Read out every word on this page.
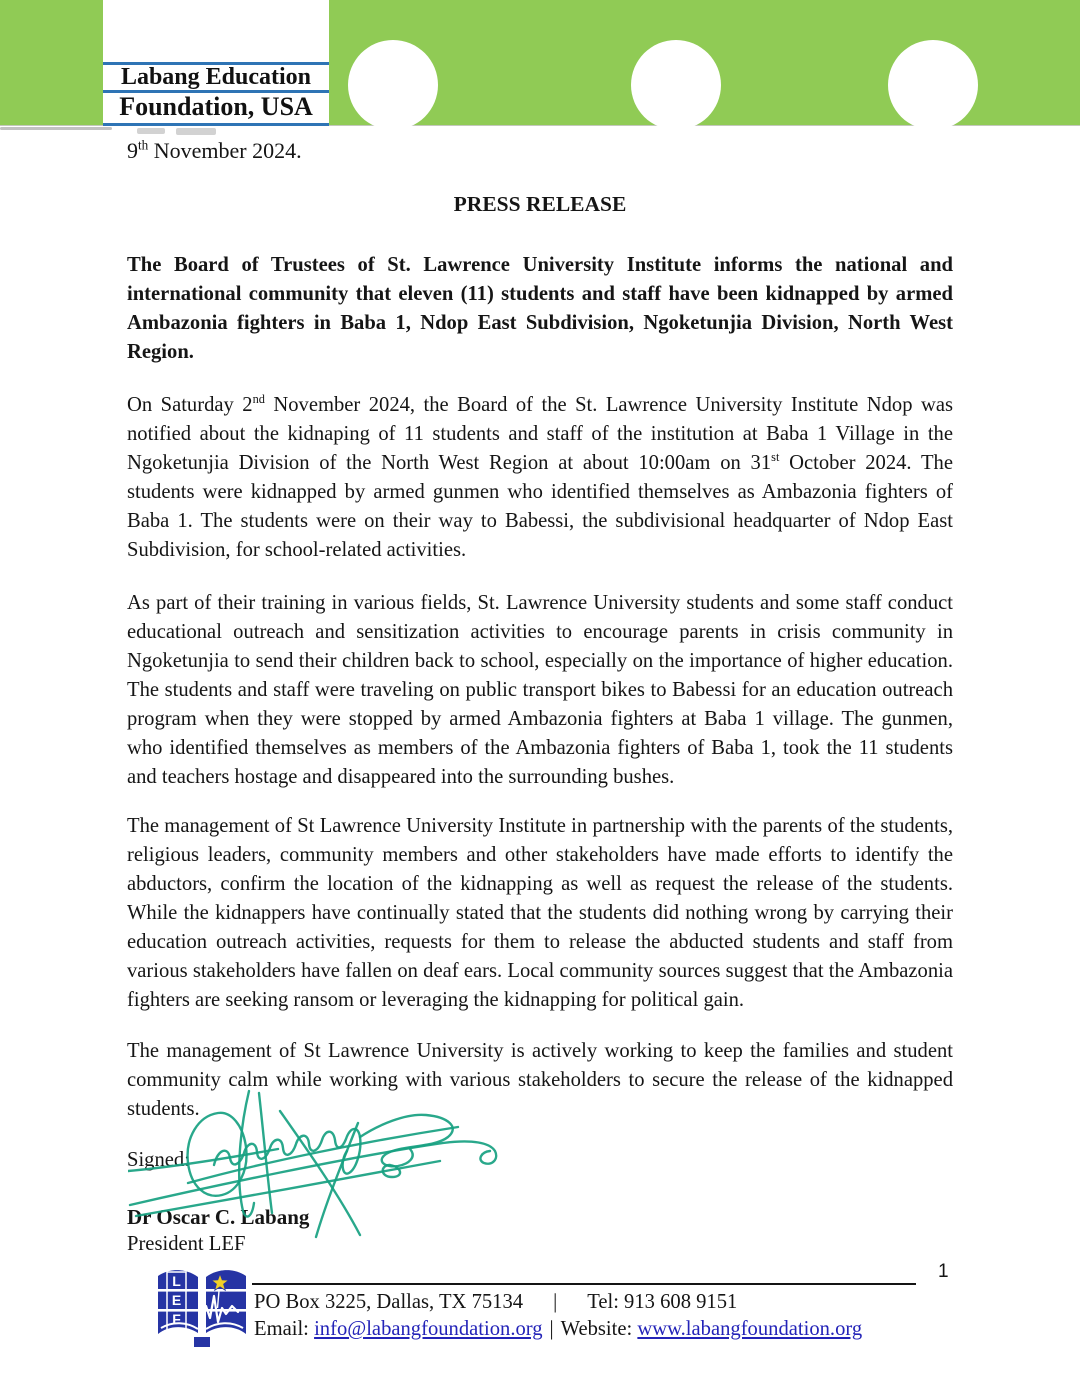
Labang Education
Foundation, USA
9th November 2024.
PRESS RELEASE

The Board of Trustees of St. Lawrence University Institute informs the national and international community that eleven (11) students and staff have been kidnapped by armed Ambazonia fighters in Baba 1, Ndop East Subdivision, Ngoketunjia Division, North West Region.

On Saturday 2nd November 2024, the Board of the St. Lawrence University Institute Ndop was notified about the kidnaping of 11 students and staff of the institution at Baba 1 Village in the Ngoketunjia Division of the North West Region at about 10:00am on 31st October 2024. The students were kidnapped by armed gunmen who identified themselves as Ambazonia fighters of Baba 1. The students were on their way to Babessi, the subdivisional headquarter of Ndop East Subdivision, for school-related activities.

As part of their training in various fields, St. Lawrence University students and some staff conduct educational outreach and sensitization activities to encourage parents in crisis community in Ngoketunjia to send their children back to school, especially on the importance of higher education. The students and staff were traveling on public transport bikes to Babessi for an education outreach program when they were stopped by armed Ambazonia fighters at Baba 1 village. The gunmen, who identified themselves as members of the Ambazonia fighters of Baba 1, took the 11 students and teachers hostage and disappeared into the surrounding bushes.

The management of St Lawrence University Institute in partnership with the parents of the students, religious leaders, community members and other stakeholders have made efforts to identify the abductors, confirm the location of the kidnapping as well as request the release of the students. While the kidnappers have continually stated that the students did nothing wrong by carrying their education outreach activities, requests for them to release the abducted students and staff from various stakeholders have fallen on deaf ears. Local community sources suggest that the Ambazonia fighters are seeking ransom or leveraging the kidnapping for political gain.

The management of St Lawrence University is actively working to keep the families and student community calm while working with various stakeholders to secure the release of the kidnapped students.

Signed:
Dr Oscar C. Labang
President LEF
L
E
F
1
PO Box 3225, Dallas, TX 75134 | Tel: 913 608 9151
Email: info@labangfoundation.org | Website: www.labangfoundation.org
